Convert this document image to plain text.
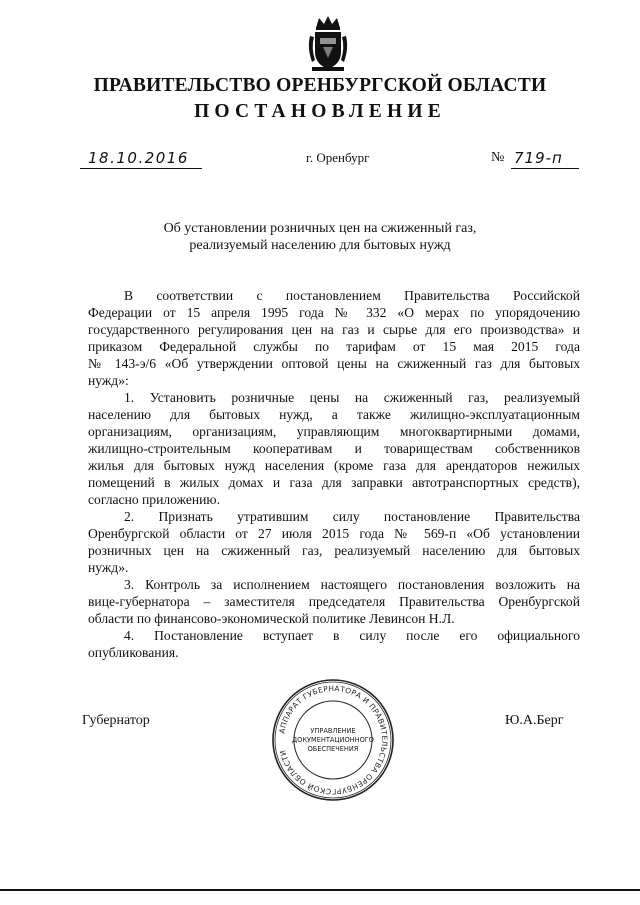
ПРАВИТЕЛЬСТВО ОРЕНБУРГСКОЙ ОБЛАСТИ
ПОСТАНОВЛЕНИЕ
18.10.2016	г. Оренбург	№ 719-п
Об установлении розничных цен на сжиженный газ,
реализуемый населению для бытовых нужд
В соответствии с постановлением Правительства Российской
Федерации от 15 апреля 1995 года № 332 «О мерах по упорядочению
государственного регулирования цен на газ и сырье для его производства» и
приказом Федеральной службы по тарифам от 15 мая 2015 года
№ 143-э/6 «Об утверждении оптовой цены на сжиженный газ для бытовых
нужд»:
1. Установить розничные цены на сжиженный газ, реализуемый
населению для бытовых нужд, а также жилищно-эксплуатационным
организациям, организациям, управляющим многоквартирными домами,
жилищно-строительным кооперативам и товариществам собственников
жилья для бытовых нужд населения (кроме газа для арендаторов нежилых
помещений в жилых домах и газа для заправки автотранспортных средств),
согласно приложению.
2. Признать утратившим силу постановление Правительства
Оренбургской области от 27 июля 2015 года № 569-п «Об установлении
розничных цен на сжиженный газ, реализуемый населению для бытовых
нужд».
3. Контроль за исполнением настоящего постановления возложить на
вице-губернатора – заместителя председателя Правительства Оренбургской
области по финансово-экономической политике Левинсон Н.Л.
4. Постановление вступает в силу после его официального
опубликования.
Губернатор	Ю.А.Берг
АППАРАТ ГУБЕРНАТОРА И ПРАВИТЕЛЬСТВА ОРЕНБУРГСКОЙ ОБЛАСТИ
УПРАВЛЕНИЕ
ДОКУМЕНТАЦИОННОГО
ОБЕСПЕЧЕНИЯ
